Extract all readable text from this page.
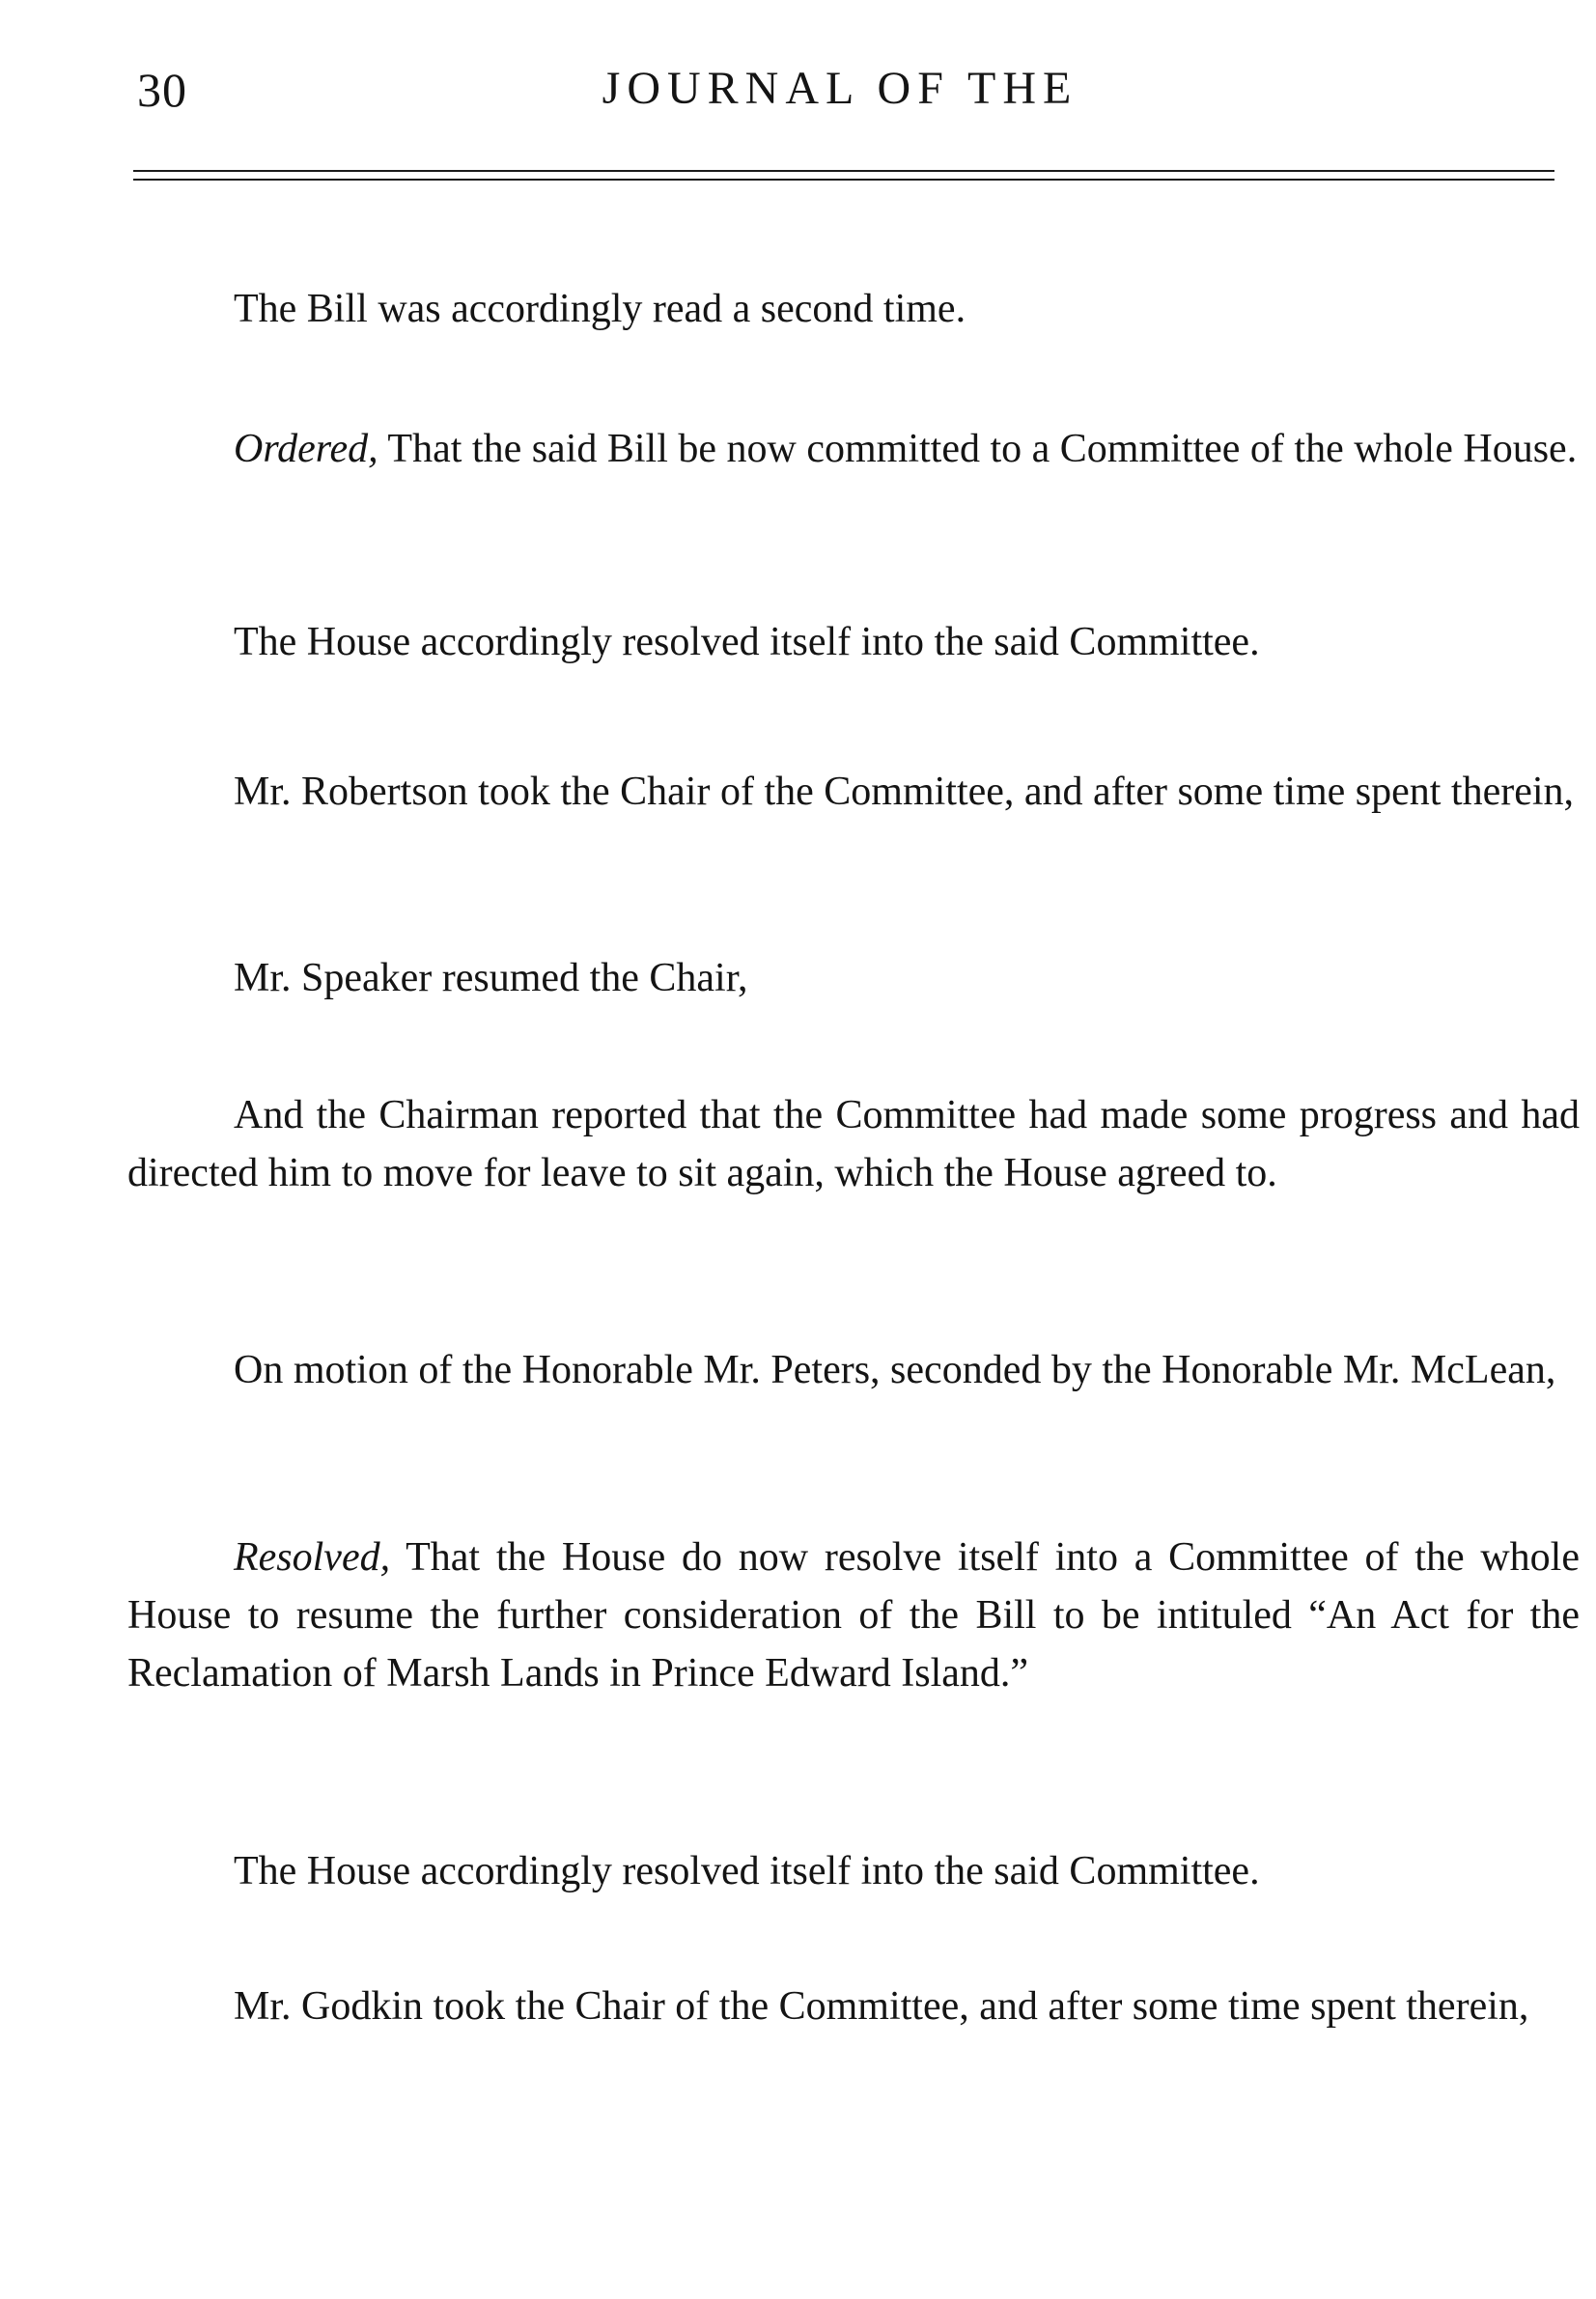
30	JOURNAL OF THE

The Bill was accordingly read a second time.

Ordered, That the said Bill be now committed to a Committee of the whole House.

The House accordingly resolved itself into the said Committee.

Mr. Robertson took the Chair of the Committee, and after some time spent therein,

Mr. Speaker resumed the Chair,

And the Chairman reported that the Committee had made some progress and had directed him to move for leave to sit again, which the House agreed to.

On motion of the Honorable Mr. Peters, seconded by the Honorable Mr. McLean,

Resolved, That the House do now resolve itself into a Committee of the whole House to resume the further consideration of the Bill to be intituled “An Act for the Reclamation of Marsh Lands in Prince Edward Island.”

The House accordingly resolved itself into the said Committee.

Mr. Godkin took the Chair of the Committee, and after some time spent therein,
